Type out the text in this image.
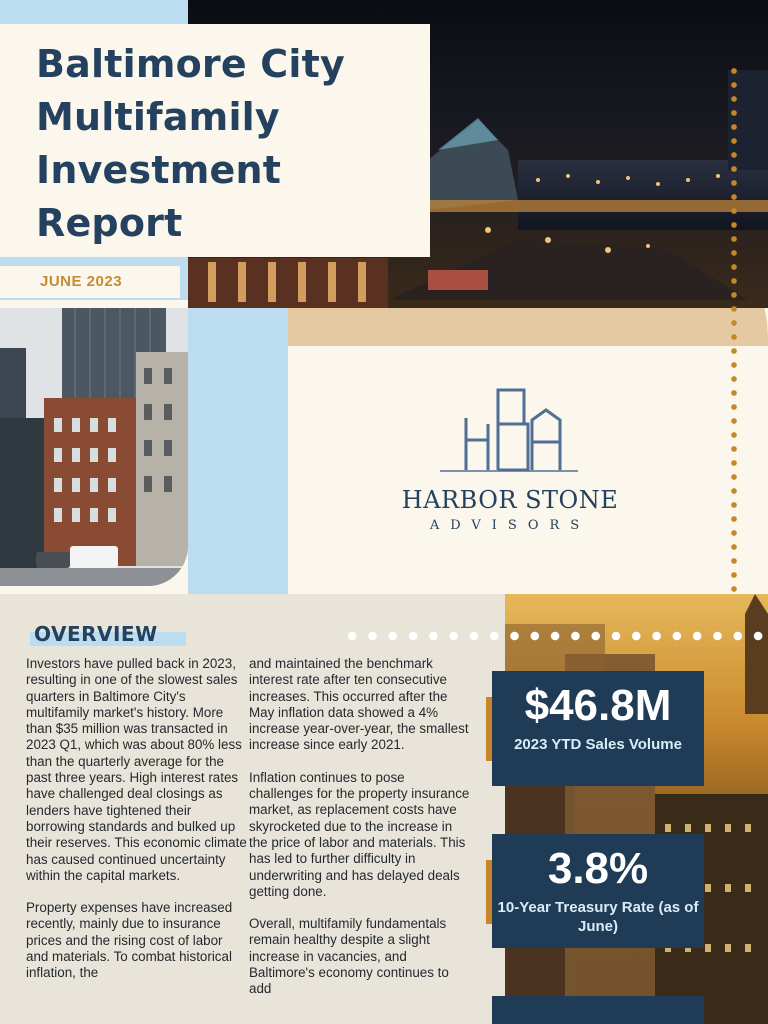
Baltimore City Multifamily Investment Report
JUNE 2023
HARBOR STONE
ADVISORS
OVERVIEW

Investors have pulled back in 2023, resulting in one of the slowest sales quarters in Baltimore City's multifamily market's history. More than $35 million was transacted in 2023 Q1, which was about 80% less than the quarterly average for the past three years. High interest rates have challenged deal closings as lenders have tightened their borrowing standards and bulked up their reserves. This economic climate has caused continued uncertainty within the capital markets.

Property expenses have increased recently, mainly due to insurance prices and the rising cost of labor and materials. To combat historical inflation, the

and maintained the benchmark interest rate after ten consecutive increases. This occurred after the May inflation data showed a 4% increase year-over-year, the smallest increase since early 2021.

Inflation continues to pose challenges for the property insurance market, as replacement costs have skyrocketed due to the increase in the price of labor and materials. This has led to further difficulty in underwriting and has delayed deals getting done.

Overall, multifamily fundamentals remain healthy despite a slight increase in vacancies, and Baltimore's economy continues to add

$46.8M
2023 YTD Sales Volume
3.8%
10-Year Treasury Rate (as of June)
